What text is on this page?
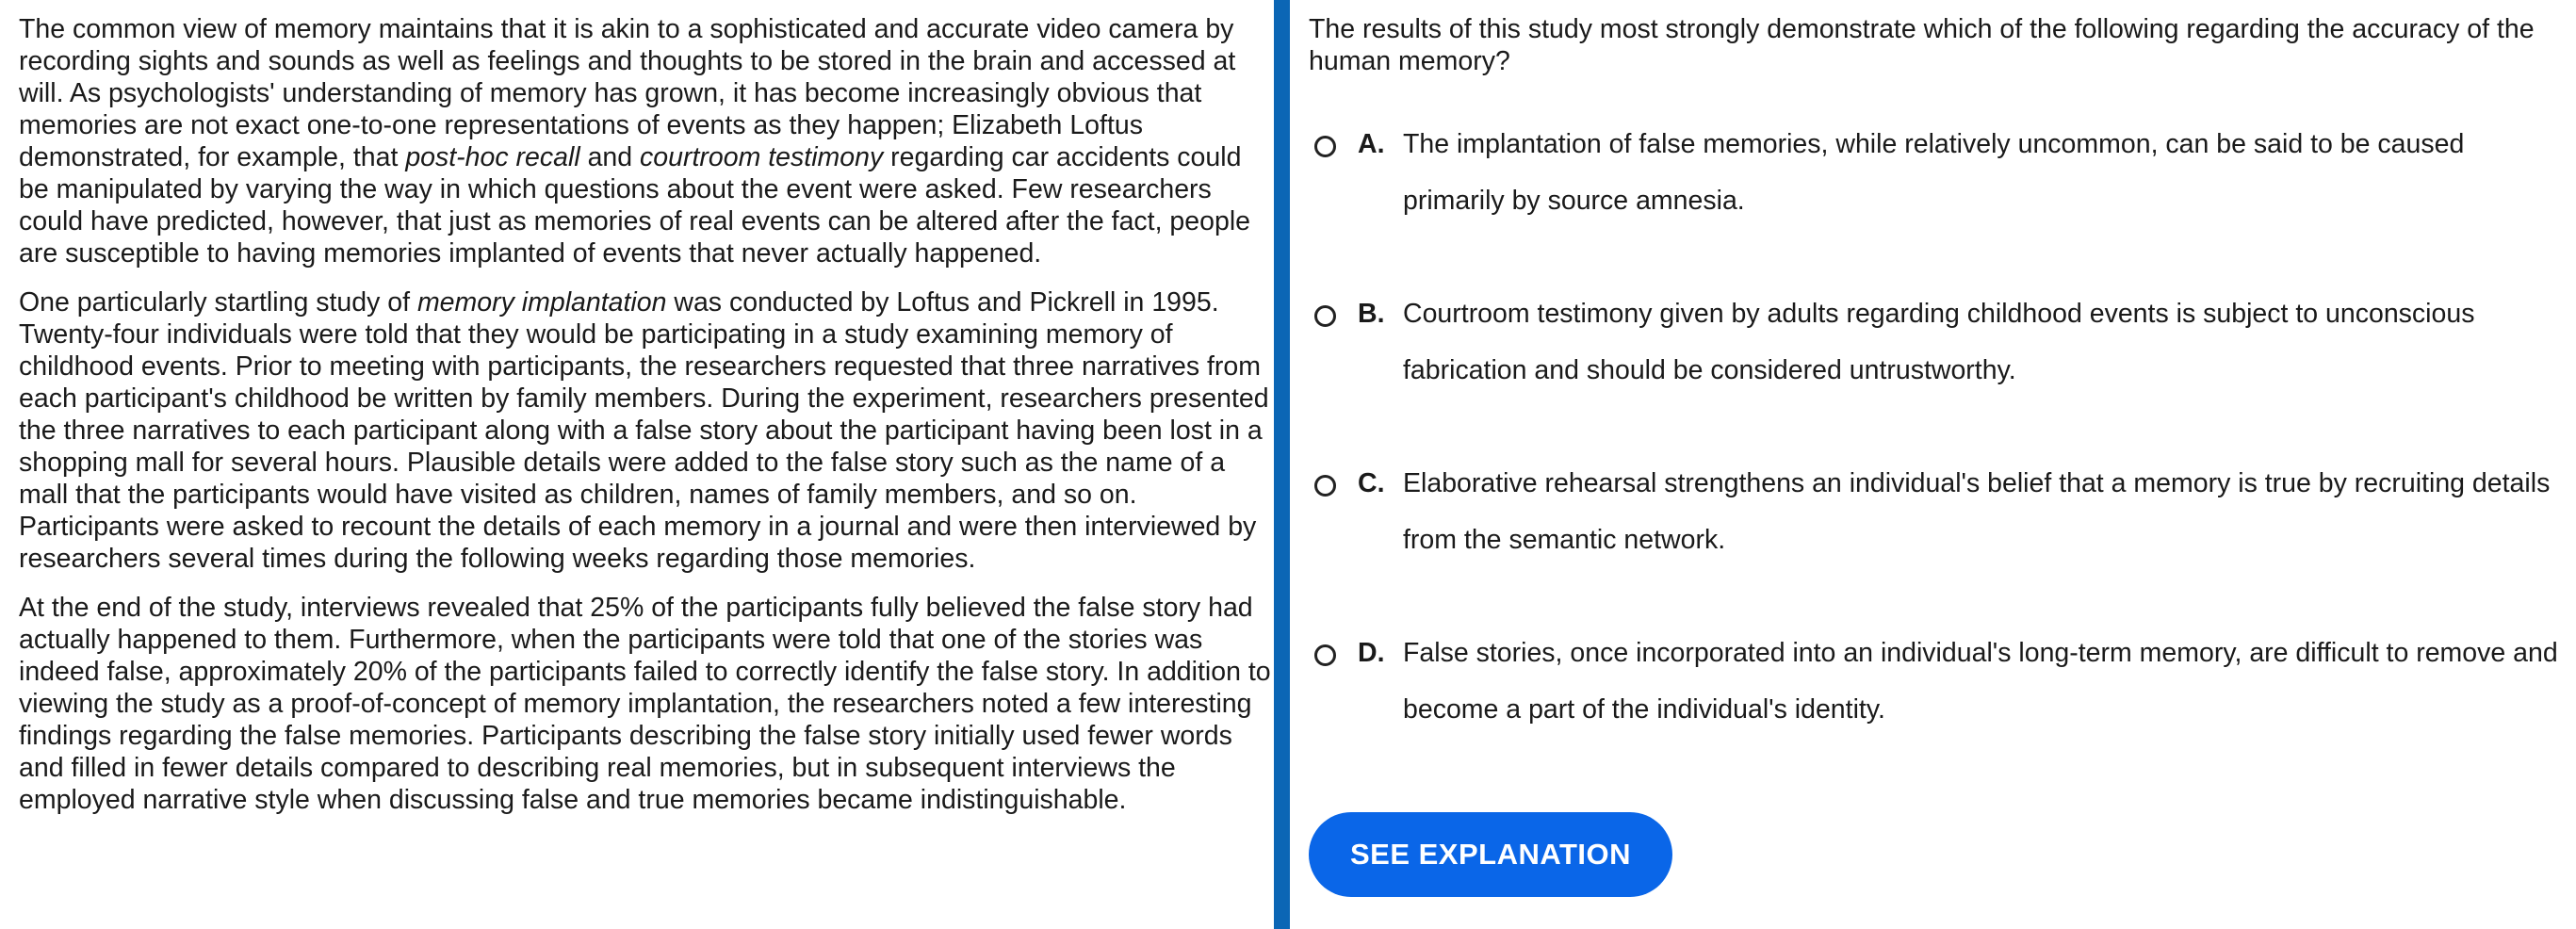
The common view of memory maintains that it is akin to a sophisticated and accurate video camera by recording sights and sounds as well as feelings and thoughts to be stored in the brain and accessed at will. As psychologists' understanding of memory has grown, it has become increasingly obvious that memories are not exact one-to-one representations of events as they happen; Elizabeth Loftus demonstrated, for example, that post-hoc recall and courtroom testimony regarding car accidents could be manipulated by varying the way in which questions about the event were asked. Few researchers could have predicted, however, that just as memories of real events can be altered after the fact, people are susceptible to having memories implanted of events that never actually happened.

One particularly startling study of memory implantation was conducted by Loftus and Pickrell in 1995. Twenty-four individuals were told that they would be participating in a study examining memory of childhood events. Prior to meeting with participants, the researchers requested that three narratives from each participant's childhood be written by family members. During the experiment, researchers presented the three narratives to each participant along with a false story about the participant having been lost in a shopping mall for several hours. Plausible details were added to the false story such as the name of a mall that the participants would have visited as children, names of family members, and so on. Participants were asked to recount the details of each memory in a journal and were then interviewed by researchers several times during the following weeks regarding those memories.

At the end of the study, interviews revealed that 25% of the participants fully believed the false story had actually happened to them. Furthermore, when the participants were told that one of the stories was indeed false, approximately 20% of the participants failed to correctly identify the false story. In addition to viewing the study as a proof-of-concept of memory implantation, the researchers noted a few interesting findings regarding the false memories. Participants describing the false story initially used fewer words and filled in fewer details compared to describing real memories, but in subsequent interviews the employed narrative style when discussing false and true memories became indistinguishable.

The results of this study most strongly demonstrate which of the following regarding the accuracy of the human memory?

A. The implantation of false memories, while relatively uncommon, can be said to be caused primarily by source amnesia.
B. Courtroom testimony given by adults regarding childhood events is subject to unconscious fabrication and should be considered untrustworthy.
C. Elaborative rehearsal strengthens an individual's belief that a memory is true by recruiting details from the semantic network.
D. False stories, once incorporated into an individual's long-term memory, are difficult to remove and become a part of the individual's identity.
SEE EXPLANATION
